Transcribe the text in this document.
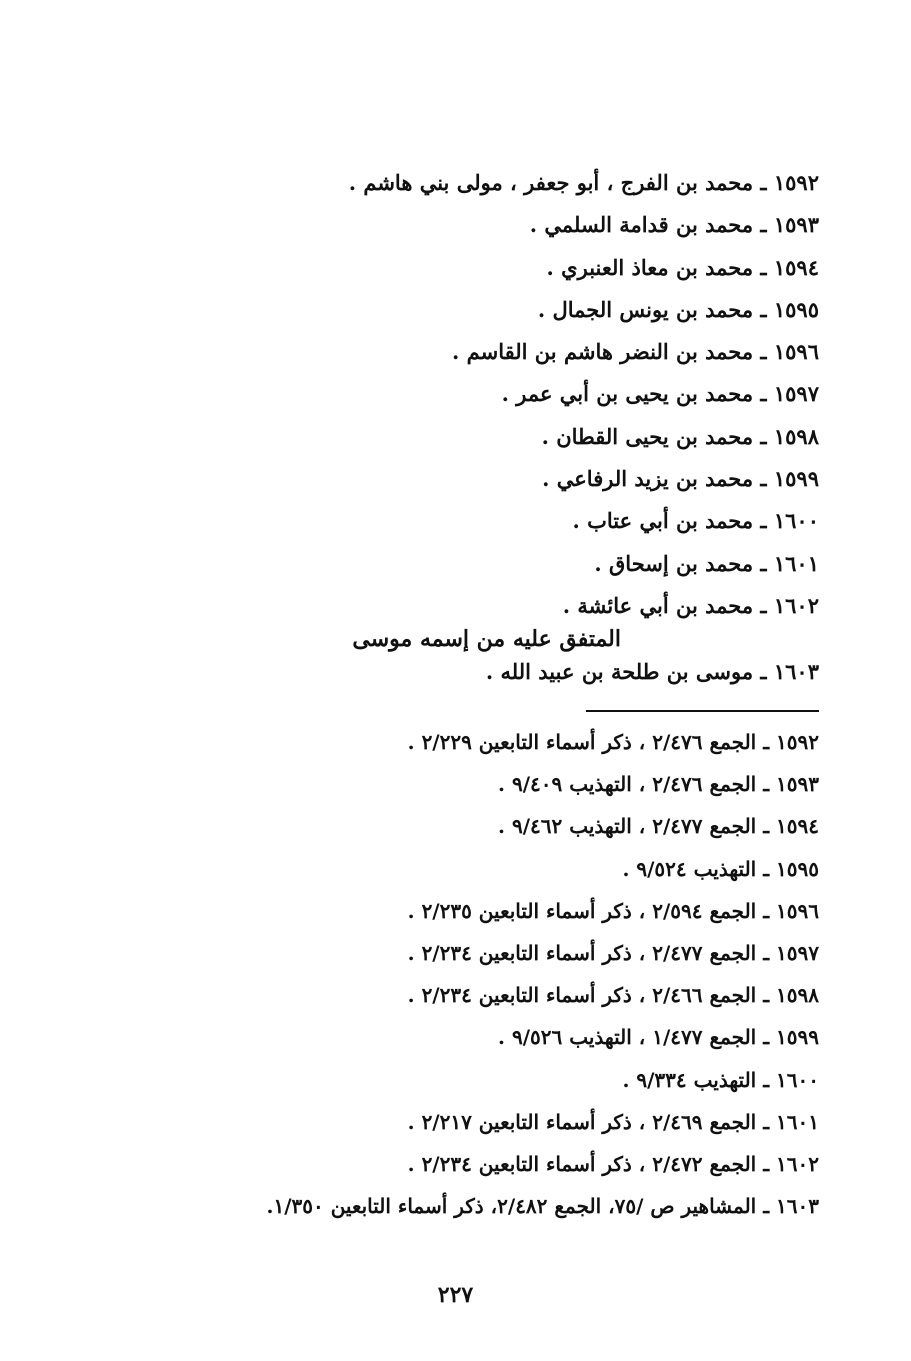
١٥٩٢ ـ محمد بن الفرج ، أبو جعفر ، مولى بني هاشم .
١٥٩٣ ـ محمد بن قدامة السلمي .
١٥٩٤ ـ محمد بن معاذ العنبري .
١٥٩٥ ـ محمد بن يونس الجمال .
١٥٩٦ ـ محمد بن النضر هاشم بن القاسم .
١٥٩٧ ـ محمد بن يحيى بن أبي عمر .
١٥٩٨ ـ محمد بن يحيى القطان .
١٥٩٩ ـ محمد بن يزيد الرفاعي .
١٦٠٠ ـ محمد بن أبي عتاب .
١٦٠١ ـ محمد بن إسحاق .
١٦٠٢ ـ محمد بن أبي عائشة .
المتفق عليه من إسمه موسى
١٦٠٣ ـ موسى بن طلحة بن عبيد الله .
١٥٩٢ ـ الجمع ٢/٤٧٦ ، ذكر أسماء التابعين ٢/٢٢٩ .
١٥٩٣ ـ الجمع ٢/٤٧٦ ، التهذيب ٩/٤٠٩ .
١٥٩٤ ـ الجمع ٢/٤٧٧ ، التهذيب ٩/٤٦٢ .
١٥٩٥ ـ التهذيب ٩/٥٢٤ .
١٥٩٦ ـ الجمع ٢/٥٩٤ ، ذكر أسماء التابعين ٢/٢٣٥ .
١٥٩٧ ـ الجمع ٢/٤٧٧ ، ذكر أسماء التابعين ٢/٢٣٤ .
١٥٩٨ ـ الجمع ٢/٤٦٦ ، ذكر أسماء التابعين ٢/٢٣٤ .
١٥٩٩ ـ الجمع ١/٤٧٧ ، التهذيب ٩/٥٢٦ .
١٦٠٠ ـ التهذيب ٩/٣٣٤ .
١٦٠١ ـ الجمع ٢/٤٦٩ ، ذكر أسماء التابعين ٢/٢١٧ .
١٦٠٢ ـ الجمع ٢/٤٧٢ ، ذكر أسماء التابعين ٢/٢٣٤ .
١٦٠٣ ـ المشاهير ص /٧٥، الجمع ٢/٤٨٢، ذكر أسماء التابعين ١/٣٥٠.
٢٢٧
